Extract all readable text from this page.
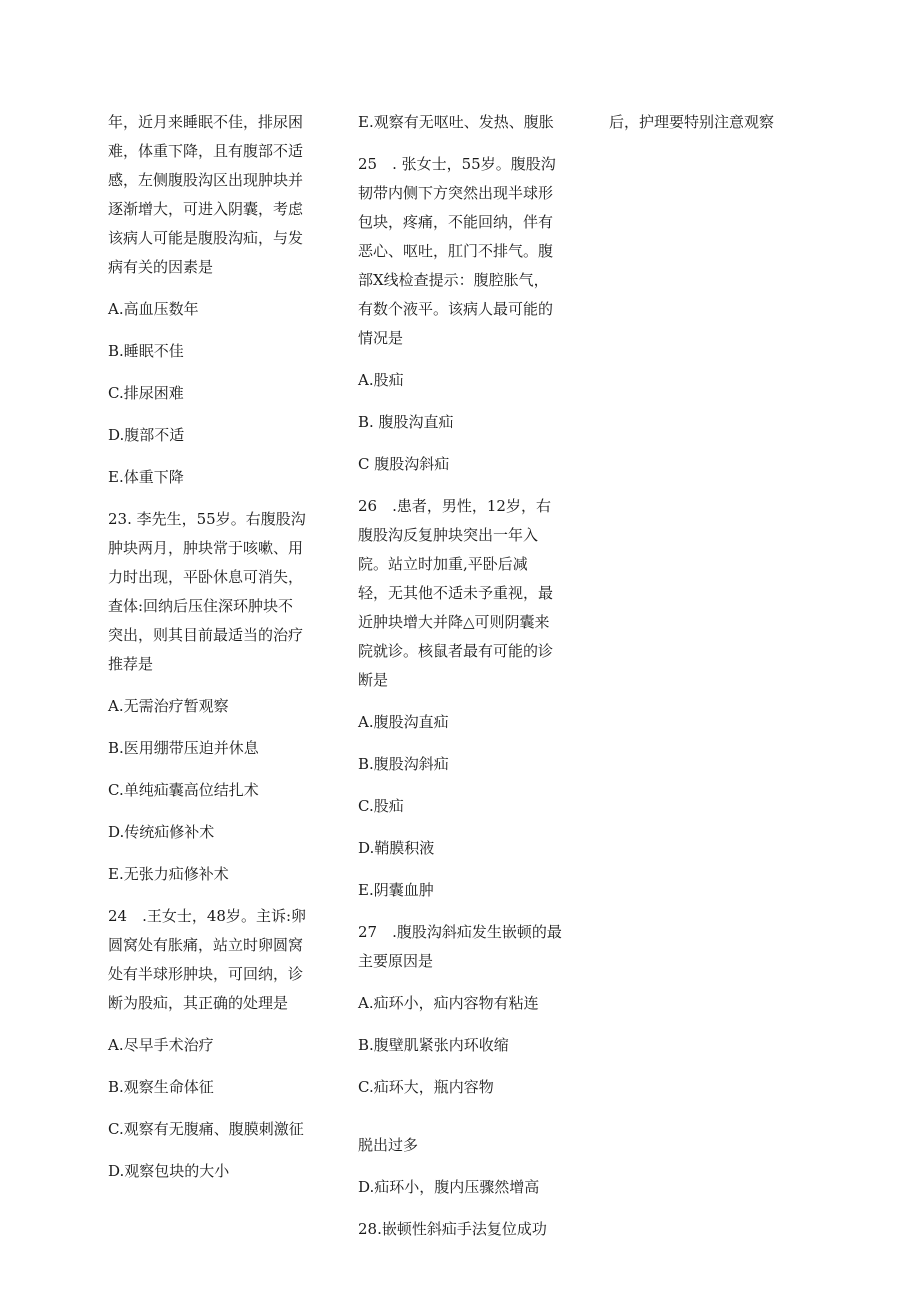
年，近月来睡眠不佳，排尿困
难，体重下降，且有腹部不适
感，左侧腹股沟区出现肿块并
逐渐增大，可进入阴囊，考虑
该病人可能是腹股沟疝，与发
病有关的因素是

A.高血压数年

B.睡眠不佳

C.排尿困难

D.腹部不适

E.体重下降

23. 李先生，55岁。右腹股沟
肿块两月，肿块常于咳嗽、用
力时出现，平卧休息可消失，
查体:回纳后压住深环肿块不
突出，则其目前最适当的治疗
推荐是

A.无需治疗暂观察

B.医用绷带压迫并休息

C.单纯疝囊高位结扎术

D.传统疝修补术

E.无张力疝修补术

24　.王女士，48岁。主诉:卵
圆窝处有胀痛，站立时卵圆窝
处有半球形肿块，可回纳，诊
断为股疝，其正确的处理是

A.尽早手术治疗

B.观察生命体征

C.观察有无腹痛、腹膜刺激征

D.观察包块的大小

E.观察有无呕吐、发热、腹胀

25　. 张女士，55岁。腹股沟
韧带内侧下方突然出现半球形
包块，疼痛，不能回纳，伴有
恶心、呕吐，肛门不排气。腹
部X线检查提示：腹腔胀气，
有数个液平。该病人最可能的
情况是

A.股疝

B. 腹股沟直疝

C 腹股沟斜疝

26　.患者，男性，12岁，右
腹股沟反复肿块突出一年入
院。站立时加重,平卧后减
轻，无其他不适未予重视，最
近肿块增大并降△可则阴囊来
院就诊。核鼠者最有可能的诊
断是

A.腹股沟直疝

B.腹股沟斜疝

C.股疝

D.鞘膜积液

E.阴囊血肿

27　.腹股沟斜疝发生嵌顿的最
主要原因是

A.疝环小，疝内容物有粘连

B.腹壁肌紧张内环收缩

C.疝环大，瓶内容物

脱出过多

D.疝环小，腹内压骤然增高

28.嵌顿性斜疝手法复位成功

后，护理要特别注意观察
